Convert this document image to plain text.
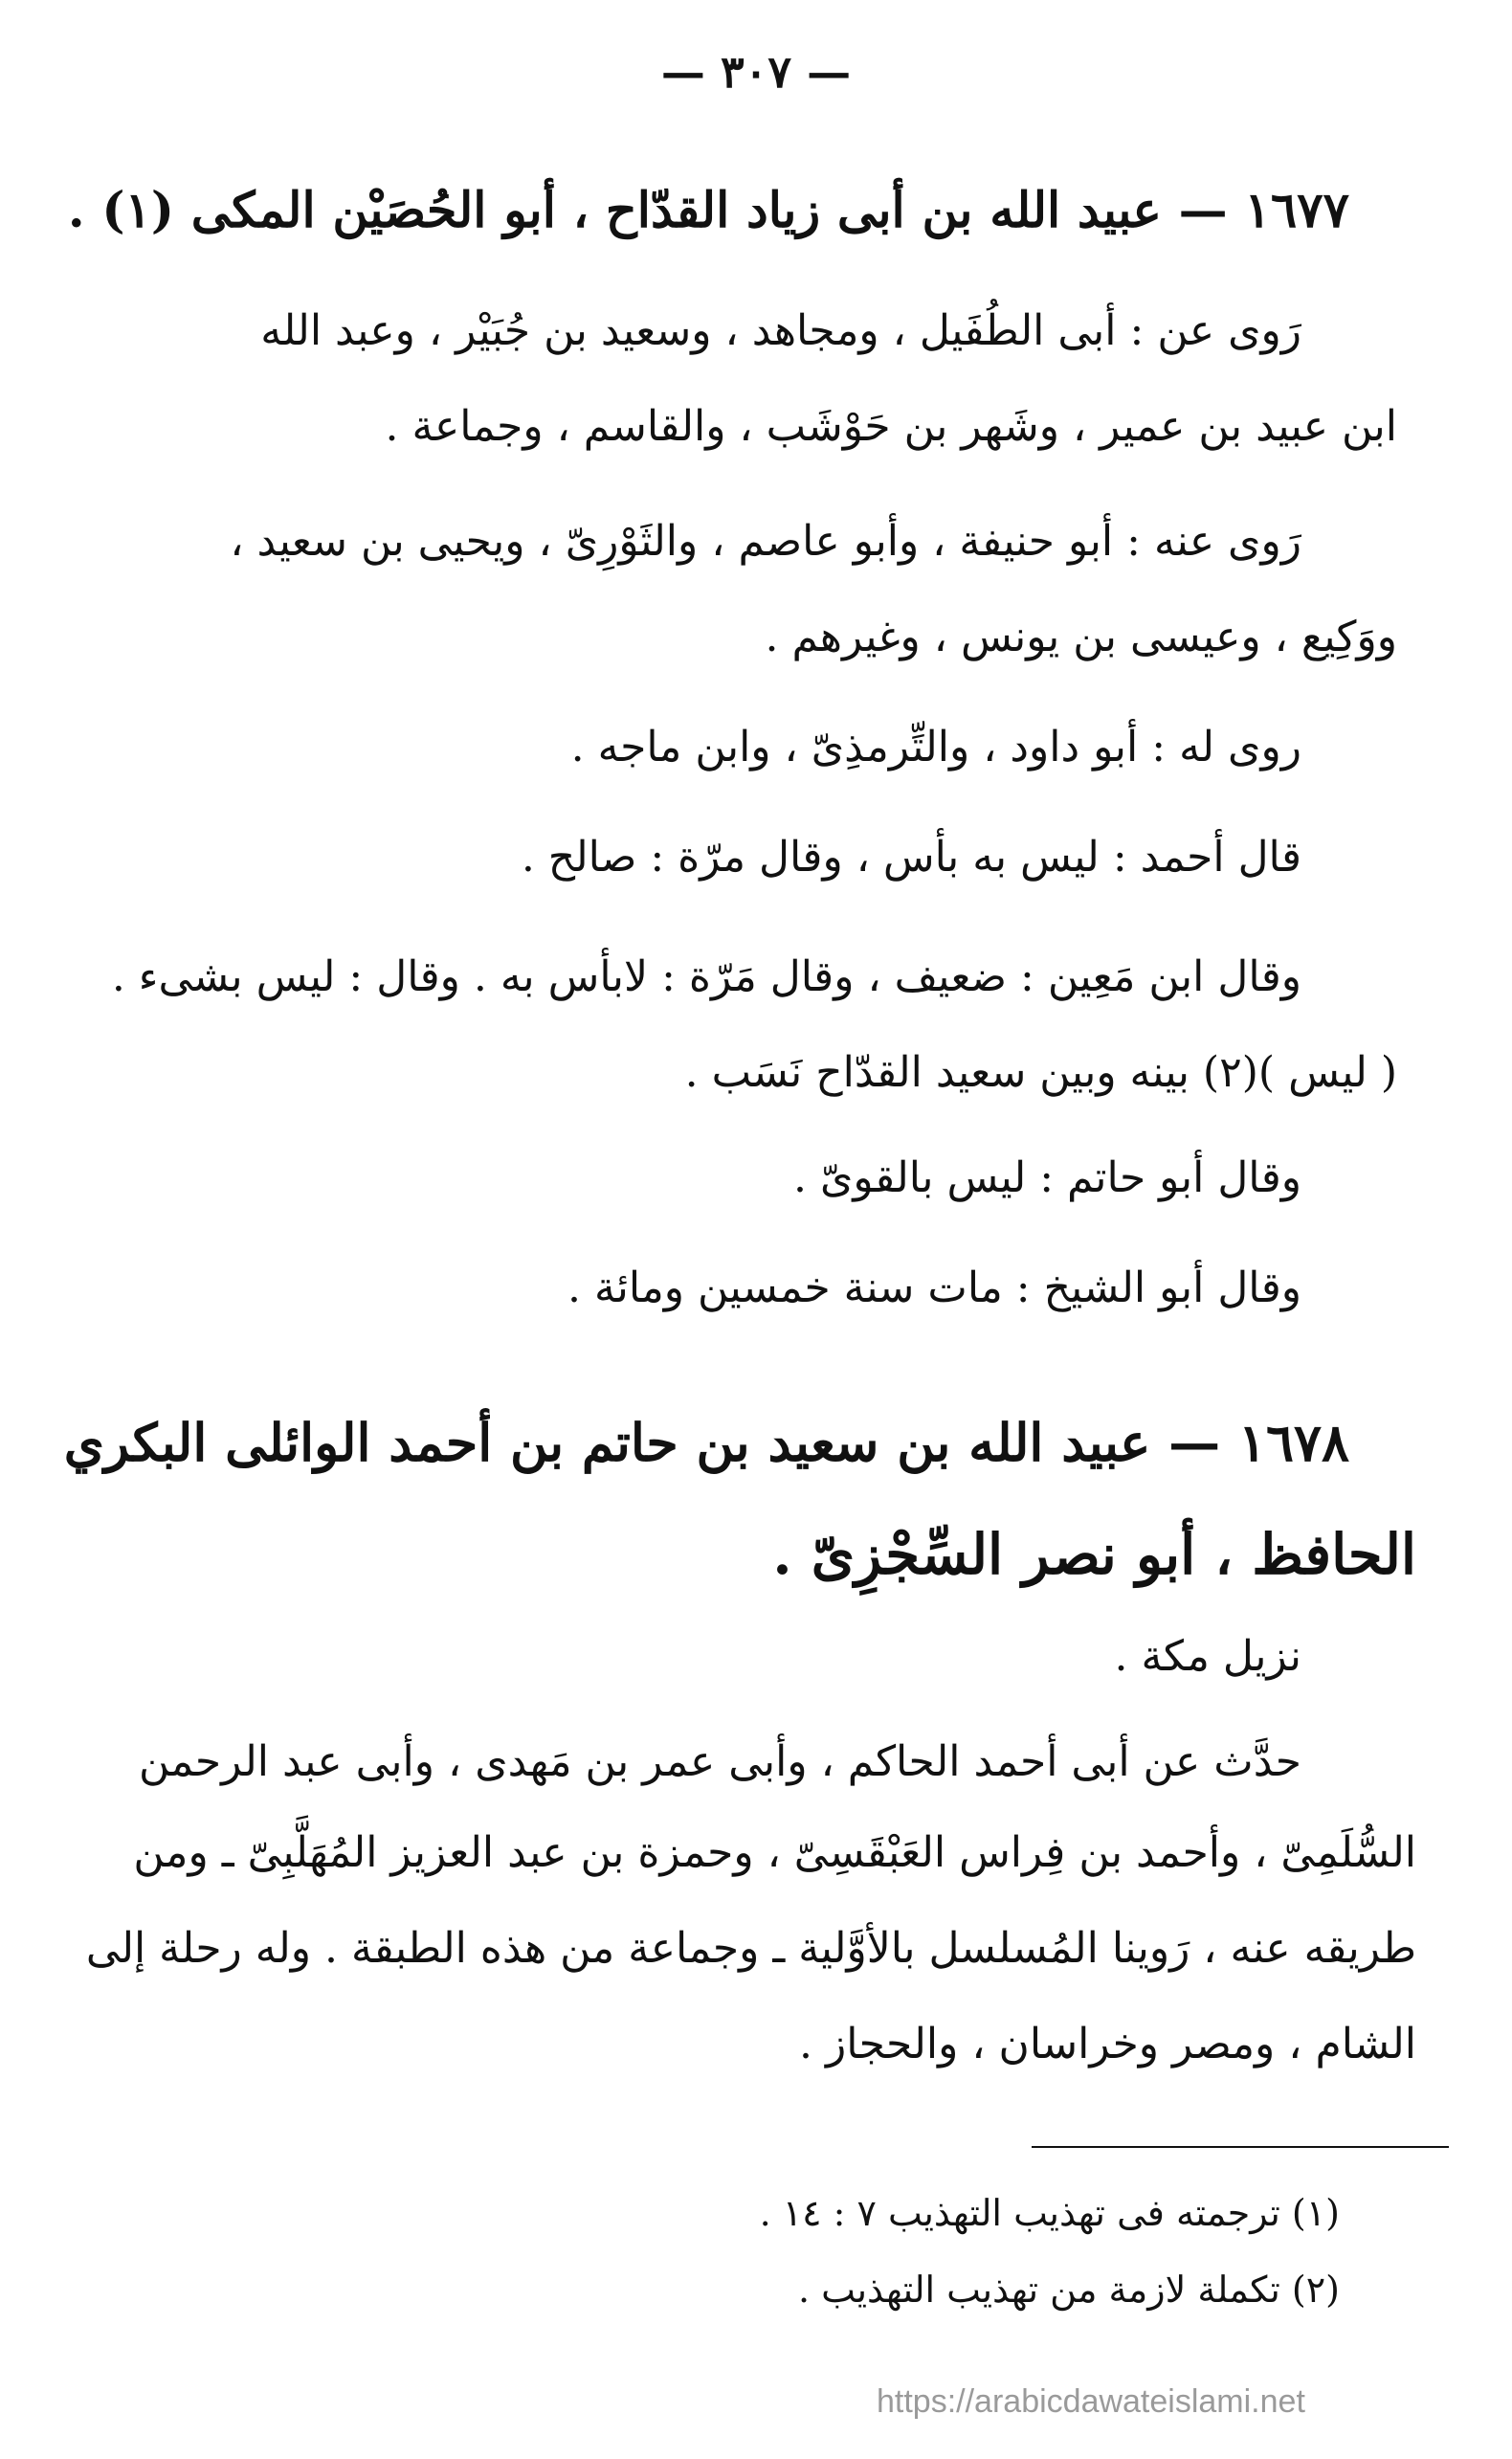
— ٣٠٧ —
١٦٧٧ — عبيد الله بن أبى زياد القدّاح ، أبو الحُصَيْن المكى (١) .
رَوى عن : أبى الطُفَيل ، ومجاهد ، وسعيد بن جُبَيْر ، وعبد الله
ابن عبيد بن عمير ، وشَهر بن حَوْشَب ، والقاسم ، وجماعة .
رَوى عنه : أبو حنيفة ، وأبو عاصم ، والثَوْرِىّ ، ويحيى بن سعيد ،
ووَكِيع ، وعيسى بن يونس ، وغيرهم .
روى له : أبو داود ، والتِّرمذِىّ ، وابن ماجه .
قال أحمد : ليس به بأس ، وقال مرّة : صالح .
وقال ابن مَعِين : ضعيف ، وقال مَرّة : لابأس به . وقال : ليس بشىء .
( ليس )(٢) بينه وبين سعيد القدّاح نَسَب .
وقال أبو حاتم : ليس بالقوىّ .
وقال أبو الشيخ : مات سنة خمسين ومائة .
١٦٧٨ — عبيد الله بن سعيد بن حاتم بن أحمد الوائلى البكري
الحافظ ، أبو نصر السِّجْزِىّ .
نزيل مكة .
حدَّث عن أبى أحمد الحاكم ، وأبى عمر بن مَهدى ، وأبى عبد الرحمن
السُّلَمِىّ ، وأحمد بن فِراس العَبْقَسِىّ ، وحمزة بن عبد العزيز المُهَلَّبِىّ ـ ومن
طريقه عنه ، رَوينا المُسلسل بالأوَّلية ـ وجماعة من هذه الطبقة . وله رحلة إلى
الشام ، ومصر وخراسان ، والحجاز .
(١) ترجمته فى تهذيب التهذيب ٧ : ١٤ .
(٢) تكملة لازمة من تهذيب التهذيب .
https://arabicdawateislami.net
